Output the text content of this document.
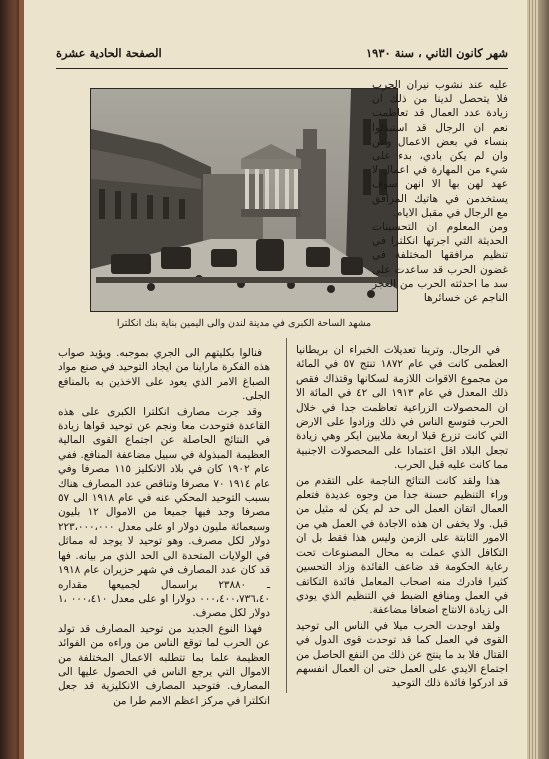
شهر كانون الثاني ، سنة ١٩٣٠
الصفحة الحادية عشرة
مشهد الساحة الكبرى في مدينة لندن والى اليمين بناية بنك انكلترا

عليه عند نشوب نيران الحرب فلا يتحصل لدينا من ذلك ان زيادة عدد العمال قد تعاظمت نعم ان الرجال قد استبدلوا بنساء في بعض الاعمال وعن وان لم يكن بادي، بدء على شيء من المهارة في اعمال لا عهد لهن بها الا انهن سوف يستخدمن في هاتيك المرافق مع الرجال في مقبل الايام.

ومن المعلوم ان التحسينات الحديثة التي اجرتها انكلترا في تنظيم مرافقها المختلفة في غضون الحرب قد ساعدت على سد ما احدثته الحرب من العجز الناجم عن خسائرها

في الرجال. وترينا تعديلات الخبراء ان بريطانيا العظمى كانت في عام ١٨٧٢ تنتج ٥٧ في المائة من مجموع الاقوات اللازمة لسكانها وقتذاك فقص ذلك المعدل في عام ١٩١٣ الى ٤٢ في المائة الا ان المحصولات الزراعية تعاظمت جدا في خلال الحرب فتوسع الناس في ذلك وزادوا على الارض التي كانت تزرع قبلا اربعة ملايين ايكر وهي زيادة تجعل البلاد اقل اعتمادا على المحصولات الاجنبية مما كانت عليه قبل الحرب.

هذا ولقد كانت النتائج الناجمة على التقدم من وراء التنظيم حسنة جدا من وجوه عديدة فتعلم العمال اتقان العمل الى حد لم يكن له مثيل من قبل. ولا يخفى ان هذه الاجادة في العمل هي من الامور الثابتة على الزمن وليس هذا فقط بل ان التكافل الذي عملت به محال المصنوعات تحت رعاية الحكومة قد ضاعف الفائدة وزاد التحسين كثيرا فادرك منه اصحاب المعامل فائدة التكاتف في العمل ومنافع الضبط في التنظيم الذي يودي الى زيادة الانتاج اضعافا مضاعفة.

ولقد اوجدت الحرب ميلا في الناس الى توحيد القوى في العمل كما قد توحدت قوى الدول في القتال فلا بد ما ينتج عن ذلك من النفع الحاصل من اجتماع الايدي على العمل حتى ان العمال انفسهم قد ادركوا فائدة ذلك التوحيد

فنالوا بكليتهم الى الجري بموجبه. ويؤيد صواب هذه الفكرة ماراينا من ايجاد التوحيد في صنع مواد الصباغ الامر الذي يعود على الاخذين به بالمنافع الجلى.

وقد جرت مصارف انكلترا الكبرى على هذه القاعدة فتوحدت معا ونجم عن توحيد قواها زيادة في النتائج الحاصلة عن اجتماع القوى المالية العظيمة المبذولة في سبيل مضاعفة المنافع. ففي عام ١٩٠٢ كان في بلاد الانكليز ١١٥ مصرفا وفي عام ١٩١٤ ٧٠ مصرفا وتناقص عدد المصارف هناك بسبب التوحيد المحكي عنه في عام ١٩١٨ الى ٥٧ مصرفا وجد فيها جميعا من الاموال ١٢ بليون وسبعمائة مليون دولار او على معدل ٢٢٣،٠٠٠،٠٠٠ دولار لكل مصرف. وهو توحيد لا يوجد له مماثل في الولايات المتحدة الى الحد الذي مر بيانه. فها قد كان عدد المصارف في شهر حزيران عام ١٩١٨ ـ ٢٣٨٨٠ براسمال لجميعها مقداره ٠٠٠،٤٠٠،٧٣٦،٤٠ دولارا او على معدل ٠٠٠،٤١٠ ،١ دولار لكل مصرف.

فهذا النوع الجديد من توحيد المصارف قد تولد عن الحرب لما توقع الناس من وراءه من الفوائد العظيمة علما بما تتطلبه الاعمال المختلفة من الاموال التي يرجع الناس في الحصول عليها الى المصارف. فتوحيد المصارف الانكليزية قد جعل انكلترا في مركز اعظم الامم طرا من
